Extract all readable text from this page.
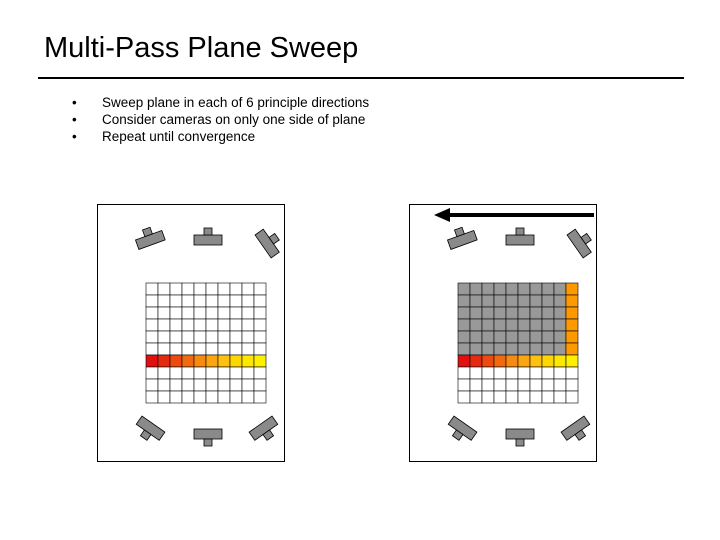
Multi-Pass Plane Sweep
• Sweep plane in each of 6 principle directions
• Consider cameras on only one side of plane
• Repeat until convergence
